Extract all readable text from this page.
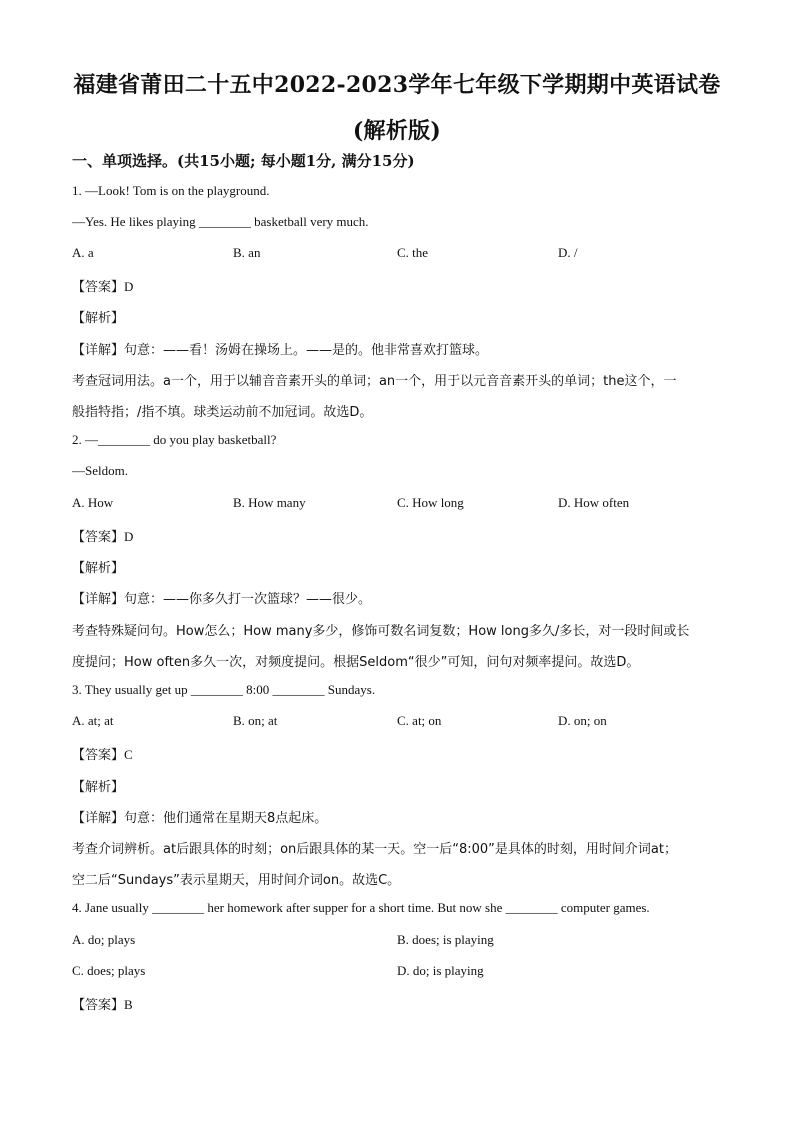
福建省莆田二十五中2022-2023学年七年级下学期期中英语试卷(解析版)
一、单项选择。(共15小题; 每小题1分, 满分15分)
1. —Look! Tom is on the playground.
—Yes. He likes playing ________ basketball very much.
A. a	B. an	C. the	D. /
【答案】D
【解析】
【详解】句意：——看！汤姆在操场上。——是的。他非常喜欢打篮球。
考查冠词用法。a一个，用于以辅音音素开头的单词；an一个，用于以元音音素开头的单词；the这个，一
般指特指；/指不填。球类运动前不加冠词。故选D。
2. —________ do you play basketball?
—Seldom.
A. How	B. How many	C. How long	D. How often
【答案】D
【解析】
【详解】句意：——你多久打一次篮球？——很少。
考查特殊疑问句。How怎么；How many多少，修饰可数名词复数；How long多久/多长，对一段时间或长
度提问；How often多久一次，对频度提问。根据Seldom“很少”可知，问句对频率提问。故选D。
3. They usually get up ________ 8:00 ________ Sundays.
A. at; at	B. on; at	C. at; on	D. on; on
【答案】C
【解析】
【详解】句意：他们通常在星期天8点起床。
考查介词辨析。at后跟具体的时刻；on后跟具体的某一天。空一后“8:00”是具体的时刻，用时间介词at；
空二后“Sundays”表示星期天，用时间介词on。故选C。
4. Jane usually ________ her homework after supper for a short time. But now she ________ computer games.
A. do; plays	B. does; is playing
C. does; plays	D. do; is playing
【答案】B
